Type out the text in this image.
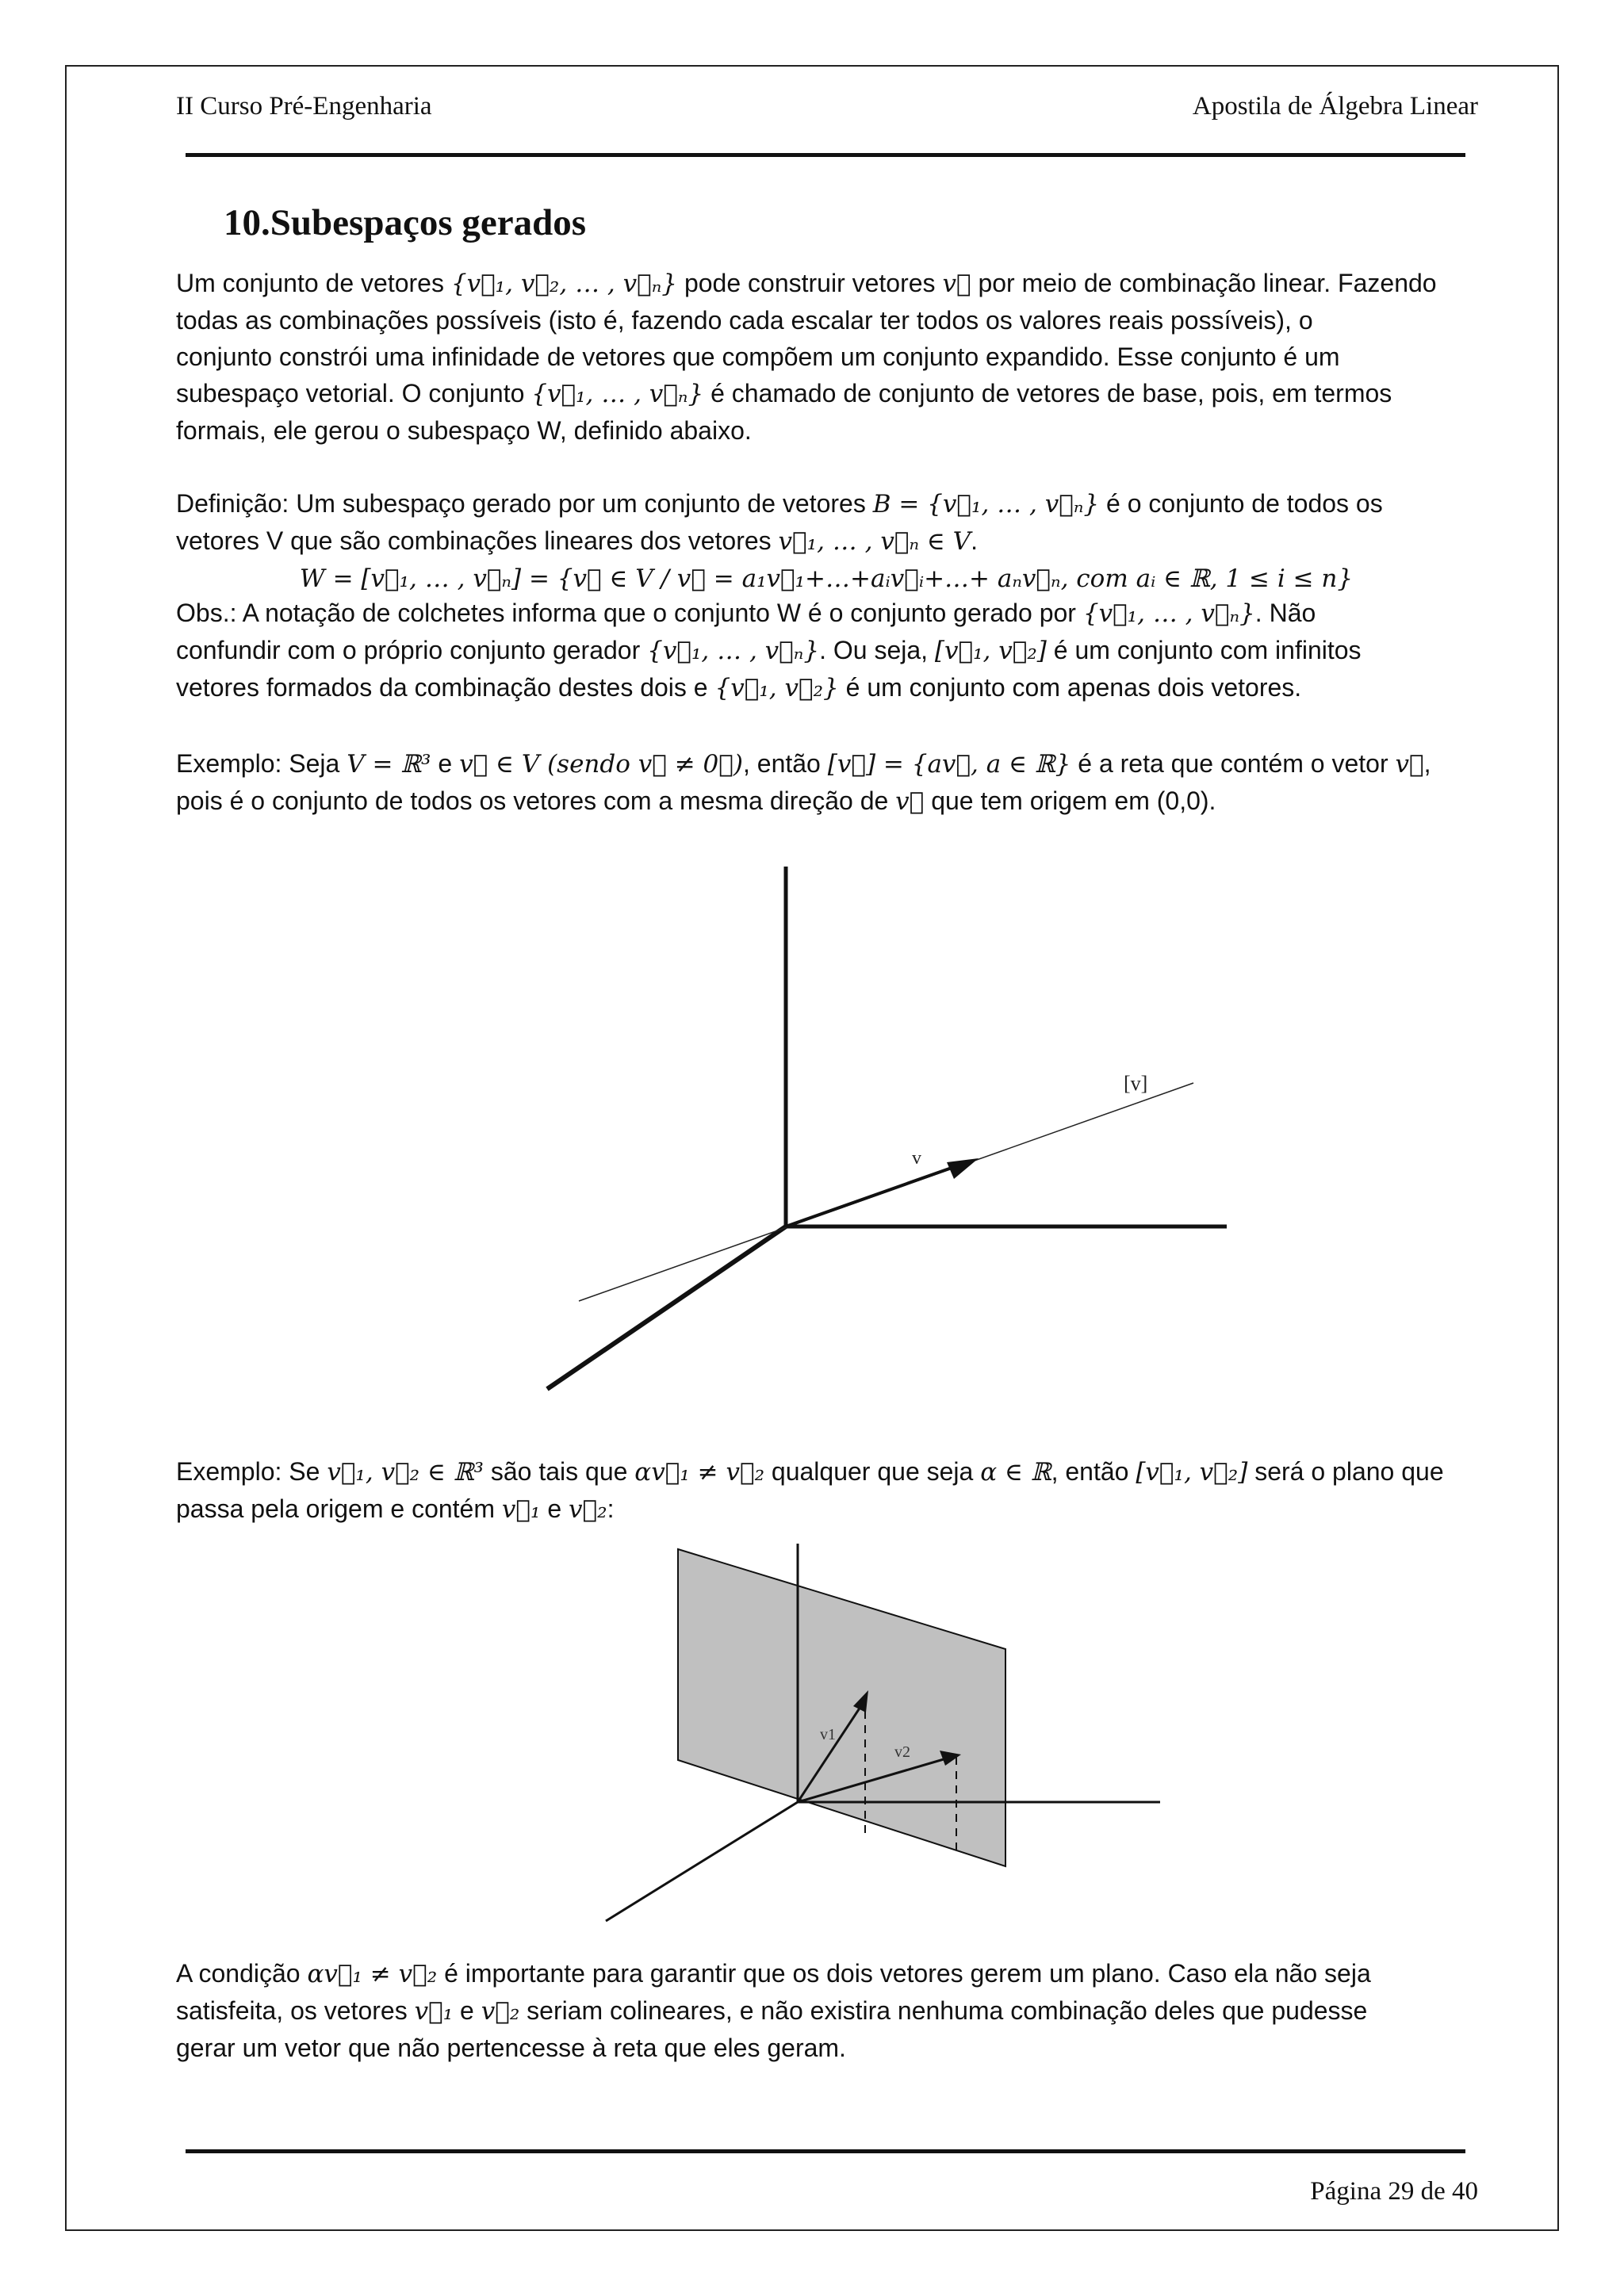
II Curso Pré-Engenharia	Apostila de Álgebra Linear
10.Subespaços gerados

Um conjunto de vetores {v⃗₁, v⃗₂, … , v⃗ₙ} pode construir vetores v⃗ por meio de combinação linear. Fazendo

todas as combinações possíveis (isto é, fazendo cada escalar ter todos os valores reais possíveis), o

conjunto constrói uma infinidade de vetores que compõem um conjunto expandido. Esse conjunto é um

subespaço vetorial. O conjunto {v⃗₁, … , v⃗ₙ} é chamado de conjunto de vetores de base, pois, em termos

formais, ele gerou o subespaço W, definido abaixo.

Definição: Um subespaço gerado por um conjunto de vetores B = {v⃗₁, … , v⃗ₙ} é o conjunto de todos os

vetores V que são combinações lineares dos vetores v⃗₁, … , v⃗ₙ ∈ V.

W = [v⃗₁, … , v⃗ₙ] = {v⃗ ∈ V / v⃗ = a₁v⃗₁+…+aᵢv⃗ᵢ+…+ aₙv⃗ₙ, com aᵢ ∈ ℝ, 1 ≤ i ≤ n}

Obs.: A notação de colchetes informa que o conjunto W é o conjunto gerado por {v⃗₁, … , v⃗ₙ}. Não

confundir com o próprio conjunto gerador {v⃗₁, … , v⃗ₙ}. Ou seja, [v⃗₁, v⃗₂] é um conjunto com infinitos

vetores formados da combinação destes dois e {v⃗₁, v⃗₂} é um conjunto com apenas dois vetores.

Exemplo: Seja V = ℝ³ e v⃗ ∈ V (sendo v⃗ ≠ 0⃗), então [v⃗] = {av⃗, a ∈ ℝ} é a reta que contém o vetor v⃗,

pois é o conjunto de todos os vetores com a mesma direção de v⃗ que tem origem em (0,0).

[v]
v

Exemplo: Se v⃗₁, v⃗₂ ∈ ℝ³ são tais que αv⃗₁ ≠ v⃗₂ qualquer que seja α ∈ ℝ, então [v⃗₁, v⃗₂] será o plano que

passa pela origem e contém v⃗₁ e v⃗₂:

v1
v2

A condição αv⃗₁ ≠ v⃗₂ é importante para garantir que os dois vetores gerem um plano. Caso ela não seja

satisfeita, os vetores v⃗₁ e v⃗₂ seriam colineares, e não existira nenhuma combinação deles que pudesse

gerar um vetor que não pertencesse à reta que eles geram.

Página 29 de 40
